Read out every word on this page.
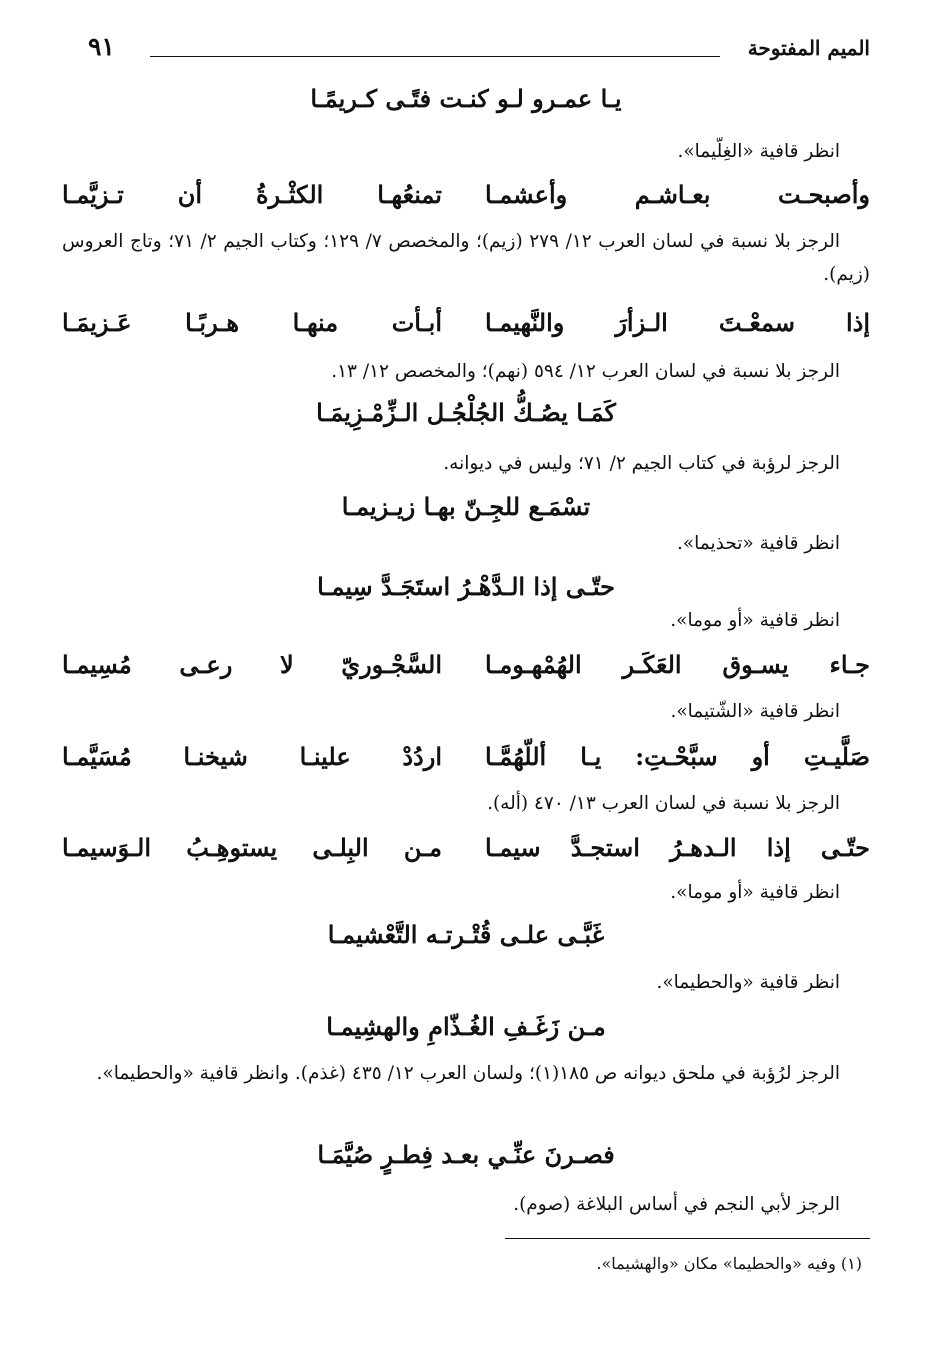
الميم المفتوحة
٩١
يـا عمـرو لـو كنـت فتًـى كـريمًـا
انظر قافية «الغِلّيما».
وأصبحـت بعـاشـم وأعشمـا
تمنعُهـا الكثْـرةُ أن تـزيَّمـا
الرجز بلا نسبة في لسان العرب ١٢/ ٢٧٩ (زيم)؛ والمخصص ٧/ ١٢٩؛ وكتاب الجيم ٢/ ٧١؛ وتاج العروس (زيم).
إذا سمعْـتَ الـزأرَ والنَّهيمـا
أبـأت منهـا هـربًـا عَـزيمَـا
الرجز بلا نسبة في لسان العرب ١٢/ ٥٩٤ (نهم)؛ والمخصص ١٢/ ١٣.
كَمَـا يصُـكُّ الجُلْجُـل الـزِّمْـزِيمَـا
الرجز لرؤبة في كتاب الجيم ٢/ ٧١؛ وليس في ديوانه.
تسْمَـع للجِـنّ بهـا زيـزيمـا
انظر قافية «تحذيما».
حتّـى إذا الـدَّهْـرُ استَجَـدَّ سِيمـا
انظر قافية «أو موما».
جـاء يسـوق العَكَـر الهُمْهـومـا
السَّجْـوريّ لا رعـى مُسِيمـا
انظر قافية «الشّتيما».
صَلَّيـتِ أو سبَّحْـتِ: يـا أللّهُمَّـا
اردُدْ علينـا شيخنـا مُسَيَّمـا
الرجز بلا نسبة في لسان العرب ١٣/ ٤٧٠ (أله).
حتّـى إذا الـدهـرُ استجـدَّ سيمـا
مـن البِلـى يستوهِـبُ الـوَسيمـا
انظر قافية «أو موما».
غَبَّـى علـى قُتْـرتـه التَّعْشيمـا
انظر قافية «والحطيما».
مـن زَغَـفِ الغُـذّامِ والهشِيمـا
الرجز لرُؤبة في ملحق ديوانه ص ١٨٥(١)؛ ولسان العرب ١٢/ ٤٣٥ (غذم). وانظر قافية «والحطيما».
فصـرنَ عنِّـي بعـد فِطـرٍ صُيَّمَـا
الرجز لأبي النجم في أساس البلاغة (صوم).
(١) وفيه «والحطيما» مكان «والهشيما».
